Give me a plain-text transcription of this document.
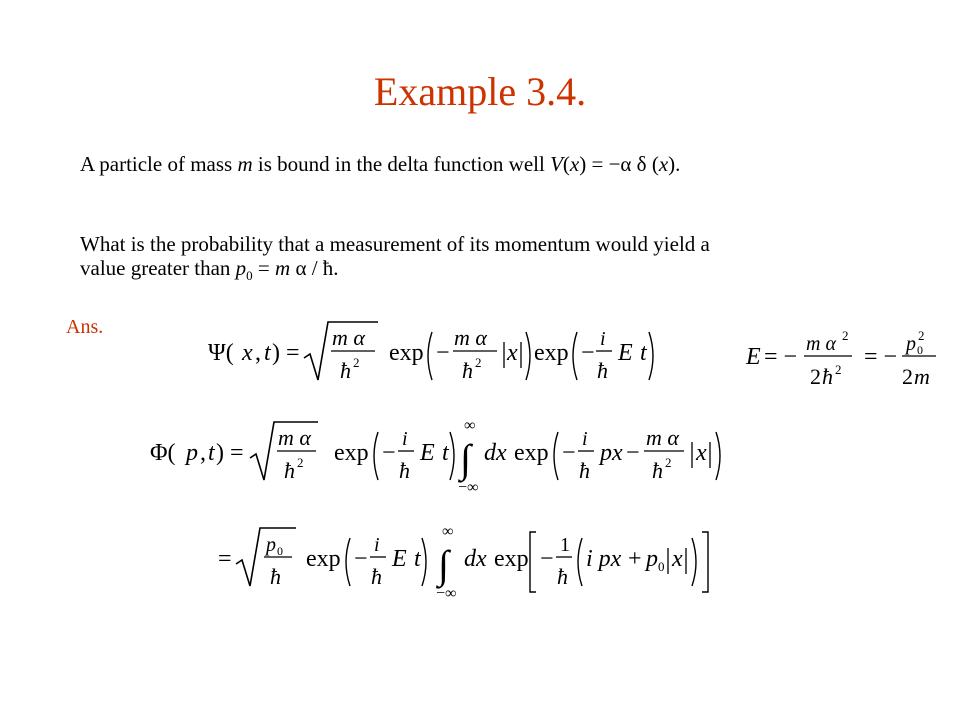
Example 3.4.
A particle of mass m is bound in the delta function well V(x) = −α δ (x).
What is the probability that a measurement of its momentum would yield a
value greater than $p_0 = m$ α / ħ.
Ans.
Ψ( x , t ) =
m α
ħ 2 exp −
m α
ħ 2 x exp −
i
ħ
E t	E = − m α 2
2 ħ 2 = − p 0
2
2 m
Φ( p , t ) =
m α
ħ 2 exp −
i
ħ
E t
∞
∫
−∞
dx exp −
i
ħ
px −
m α
ħ 2 x
=
p 0
ħ
exp −
i
ħ
E t
∞
∫
−∞
dx exp −
1
ħ
i px + p 0 x
